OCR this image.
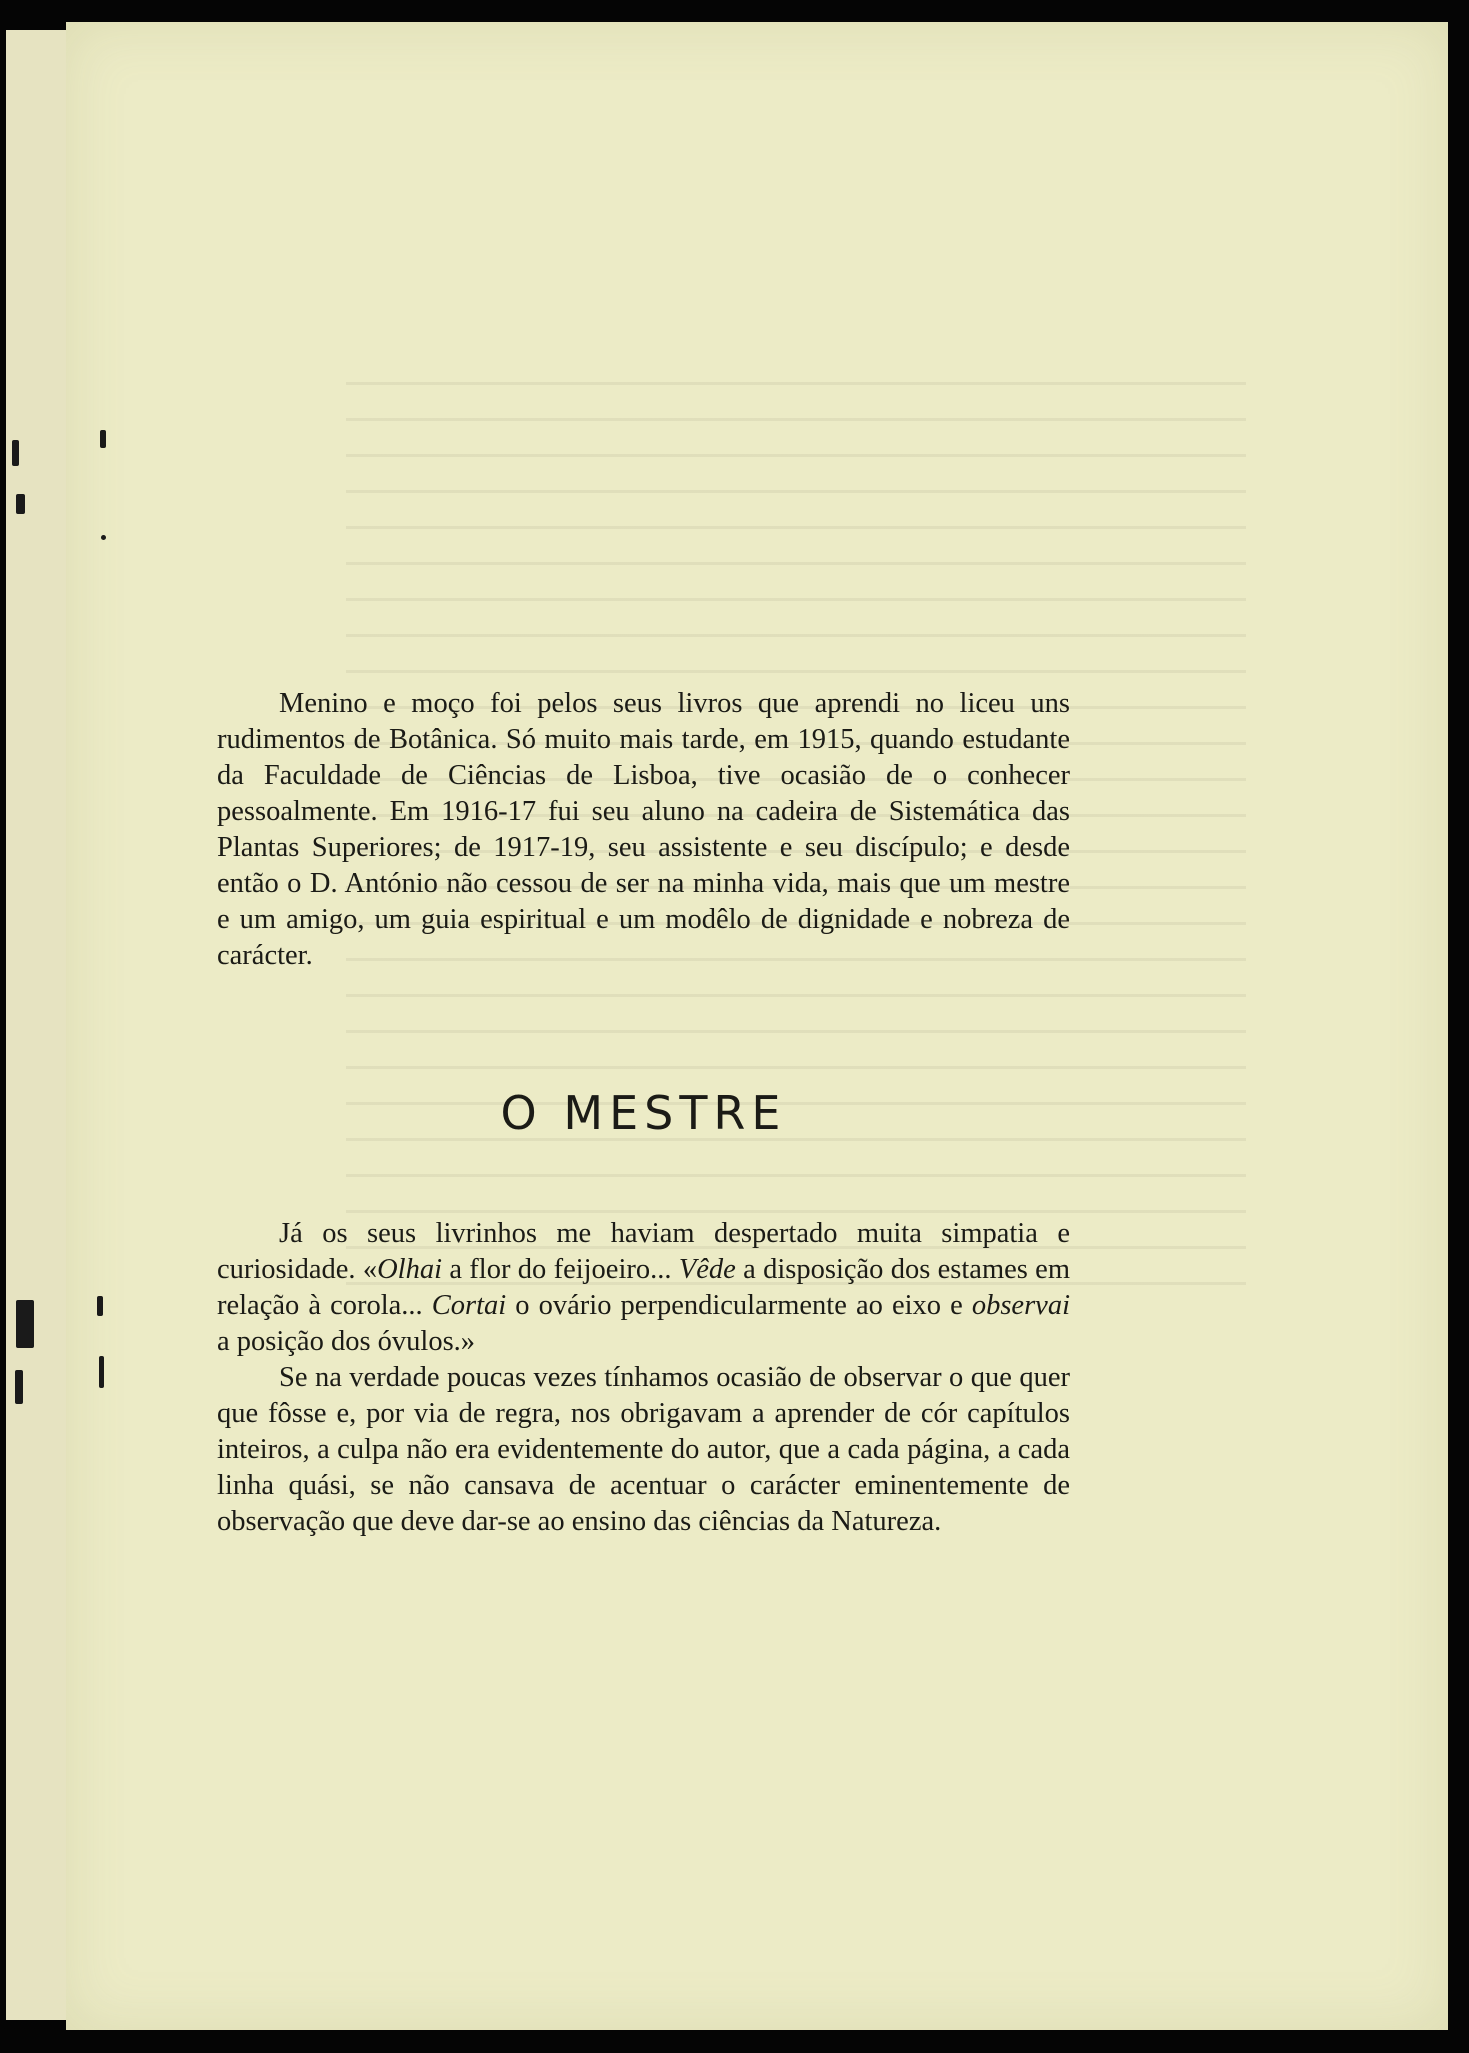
Menino e moço foi pelos seus livros que aprendi no liceu uns rudimentos de Botânica. Só muito mais tarde, em 1915, quando estudante da Faculdade de Ciências de Lisboa, tive ocasião de o conhecer pessoalmente. Em 1916-17 fui seu aluno na cadeira de Sistemática das Plantas Superiores; de 1917-19, seu assistente e seu discípulo; e desde então o D. António não cessou de ser na minha vida, mais que um mestre e um amigo, um guia espiritual e um modêlo de dignidade e nobreza de carácter.

O MESTRE

Já os seus livrinhos me haviam despertado muita simpatia e curiosidade. «Olhai a flor do feijoeiro... Vêde a disposição dos estames em relação à corola... Cortai o ovário perpendicularmente ao eixo e observai a posição dos óvulos.»

Se na verdade poucas vezes tínhamos ocasião de observar o que quer que fôsse e, por via de regra, nos obrigavam a aprender de cór capítulos inteiros, a culpa não era evidentemente do autor, que a cada página, a cada linha quási, se não cansava de acentuar o carácter eminentemente de observação que deve dar-se ao ensino das ciências da Natureza.
